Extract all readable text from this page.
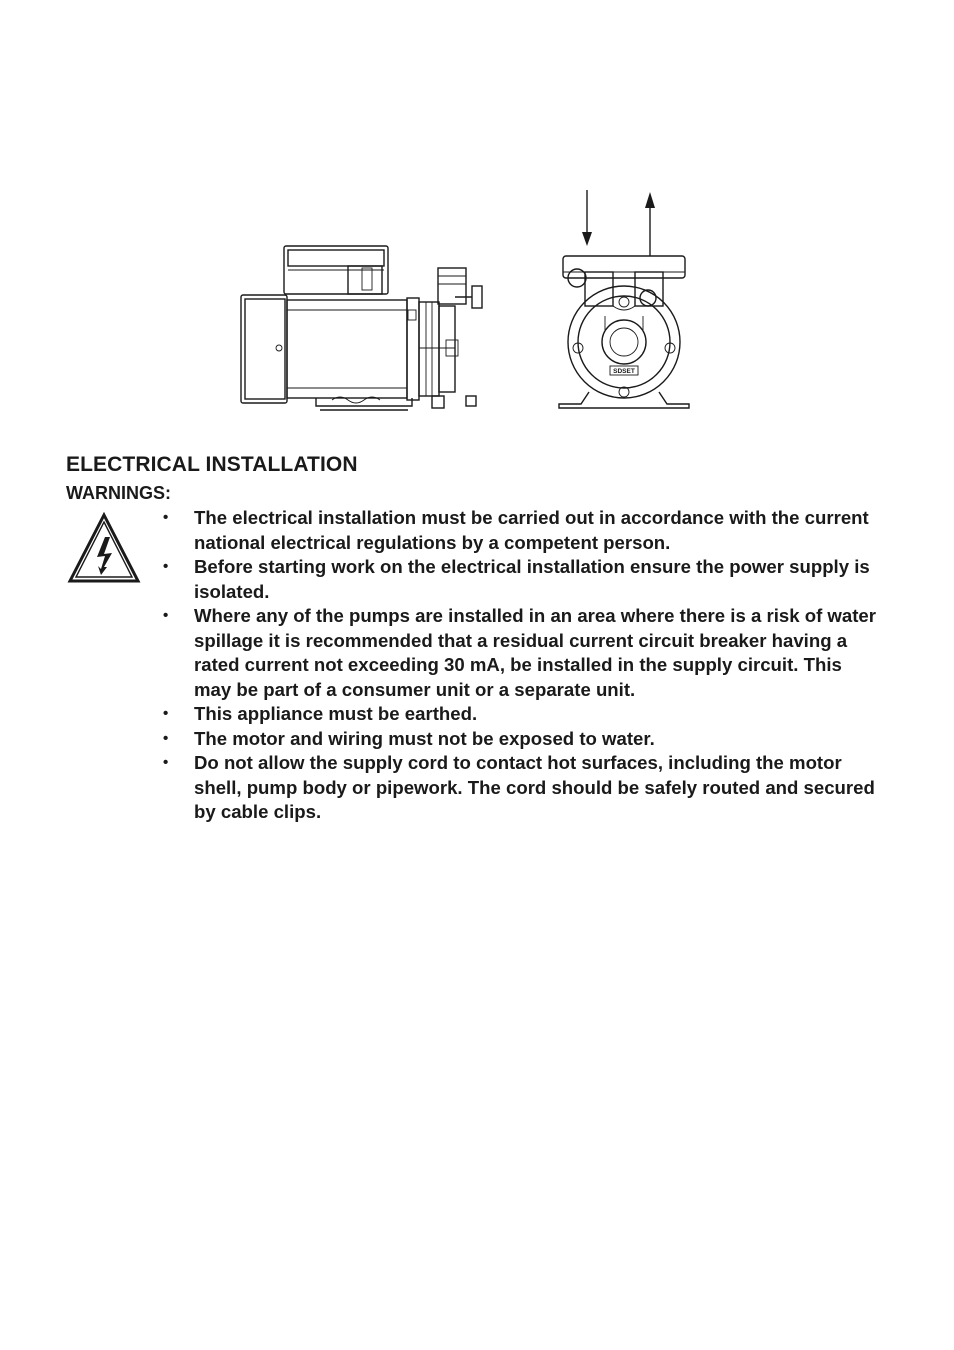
SDSET
ELECTRICAL INSTALLATION
WARNINGS:
• The electrical installation must be carried out in accordance with the current national electrical regulations by a competent person.
• Before starting work on the electrical installation ensure the power supply is isolated.
• Where any of the pumps are installed in an area where there is a risk of water spillage it is recommended that a residual current circuit breaker having a rated current not exceeding 30 mA, be installed in the supply circuit. This may be part of a consumer unit or a separate unit.
• This appliance must be earthed.
• The motor and wiring must not be exposed to water.
• Do not allow the supply cord to contact hot surfaces, including the motor shell, pump body or pipework. The cord should be safely routed and secured by cable clips.
